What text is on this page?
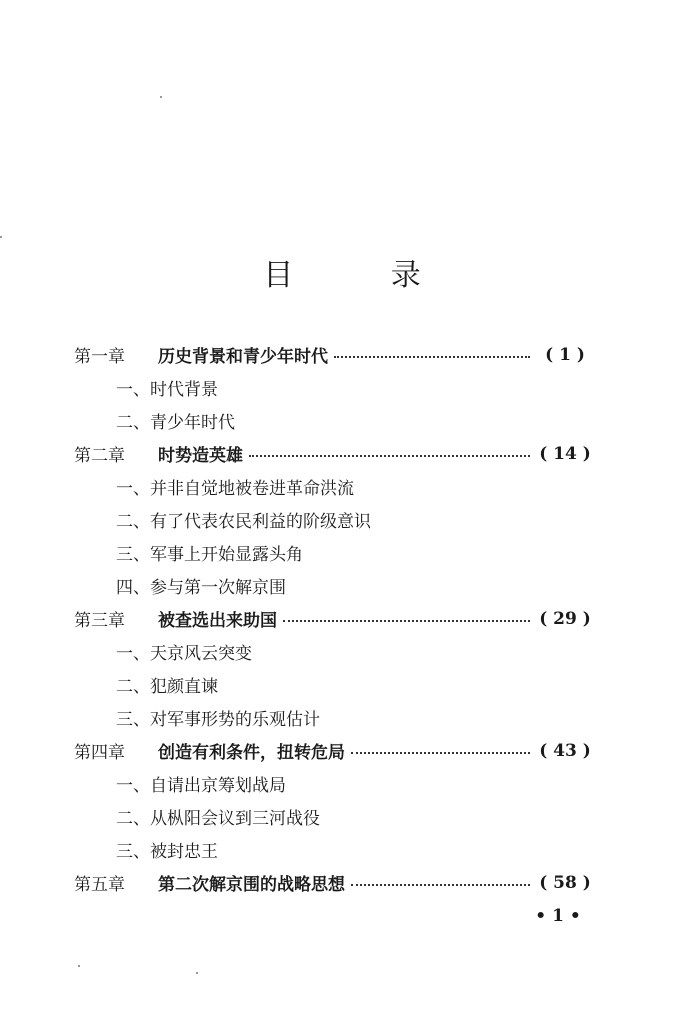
目 录
第一章	历史背景和青少年时代	( 1 )
一、 时代背景
二、 青少年时代
第二章	时势造英雄	( 14 )
一、 并非自觉地被卷进革命洪流
二、 有了代表农民利益的阶级意识
三、 军事上开始显露头角
四、 参与第一次解京围
第三章	被查选出来助国	( 29 )
一、 天京风云突变
二、 犯颜直谏
三、 对军事形势的乐观估计
第四章	创造有利条件，扭转危局	( 43 )
一、 自请出京筹划战局
二、 从枞阳会议到三河战役
三、 被封忠王
第五章	第二次解京围的战略思想	( 58 )
• 1 •
